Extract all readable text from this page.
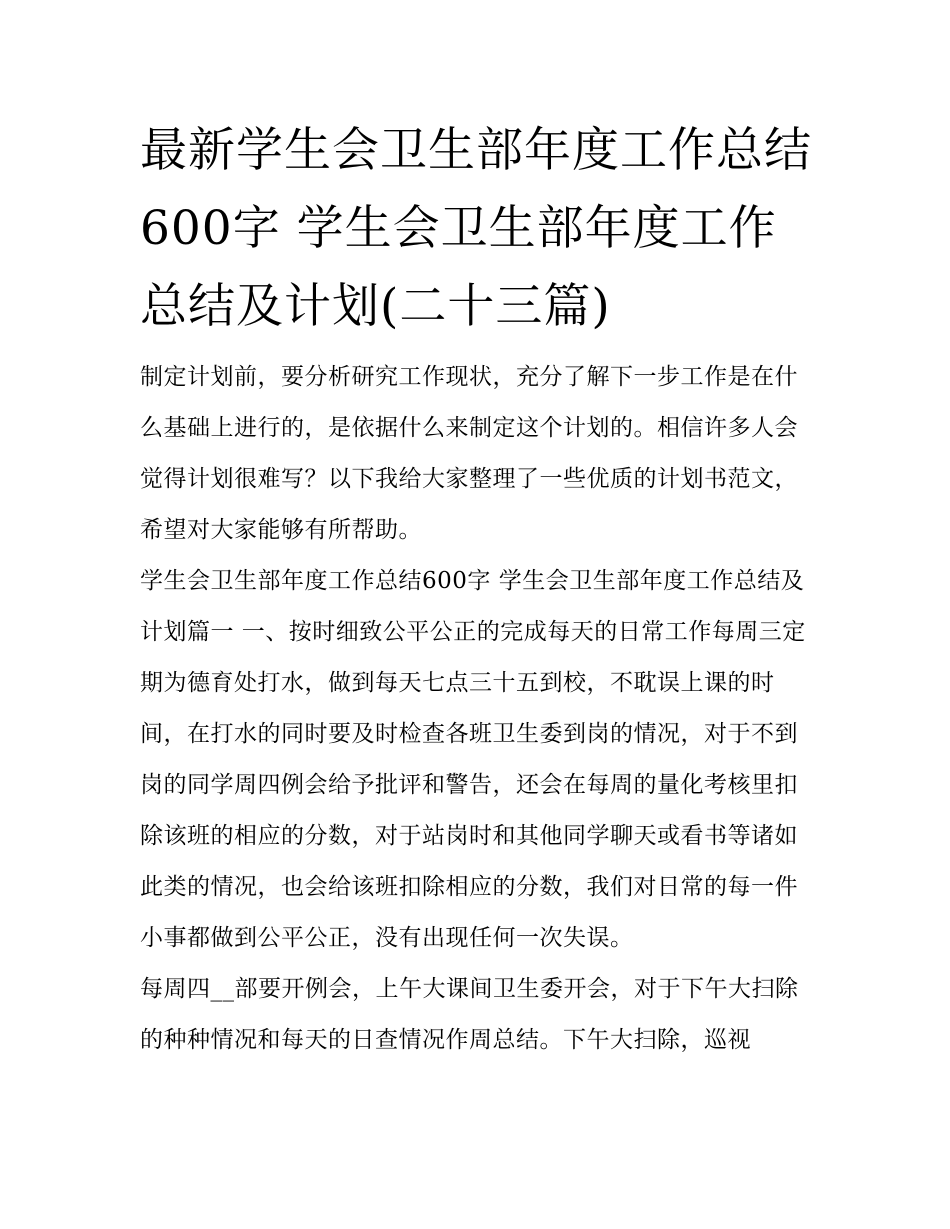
最新学生会卫生部年度工作总结600字 学生会卫生部年度工作总结及计划(二十三篇)

制定计划前，要分析研究工作现状，充分了解下一步工作是在什么基础上进行的，是依据什么来制定这个计划的。相信许多人会觉得计划很难写？以下我给大家整理了一些优质的计划书范文，希望对大家能够有所帮助。

学生会卫生部年度工作总结600字 学生会卫生部年度工作总结及计划篇一 一、按时细致公平公正的完成每天的日常工作每周三定期为德育处打水，做到每天七点三十五到校，不耽误上课的时间，在打水的同时要及时检查各班卫生委到岗的情况，对于不到岗的同学周四例会给予批评和警告，还会在每周的量化考核里扣除该班的相应的分数，对于站岗时和其他同学聊天或看书等诸如此类的情况，也会给该班扣除相应的分数，我们对日常的每一件小事都做到公平公正，没有出现任何一次失误。

每周四__部要开例会，上午大课间卫生委开会，对于下午大扫除的种种情况和每天的日查情况作周总结。下午大扫除，巡视
